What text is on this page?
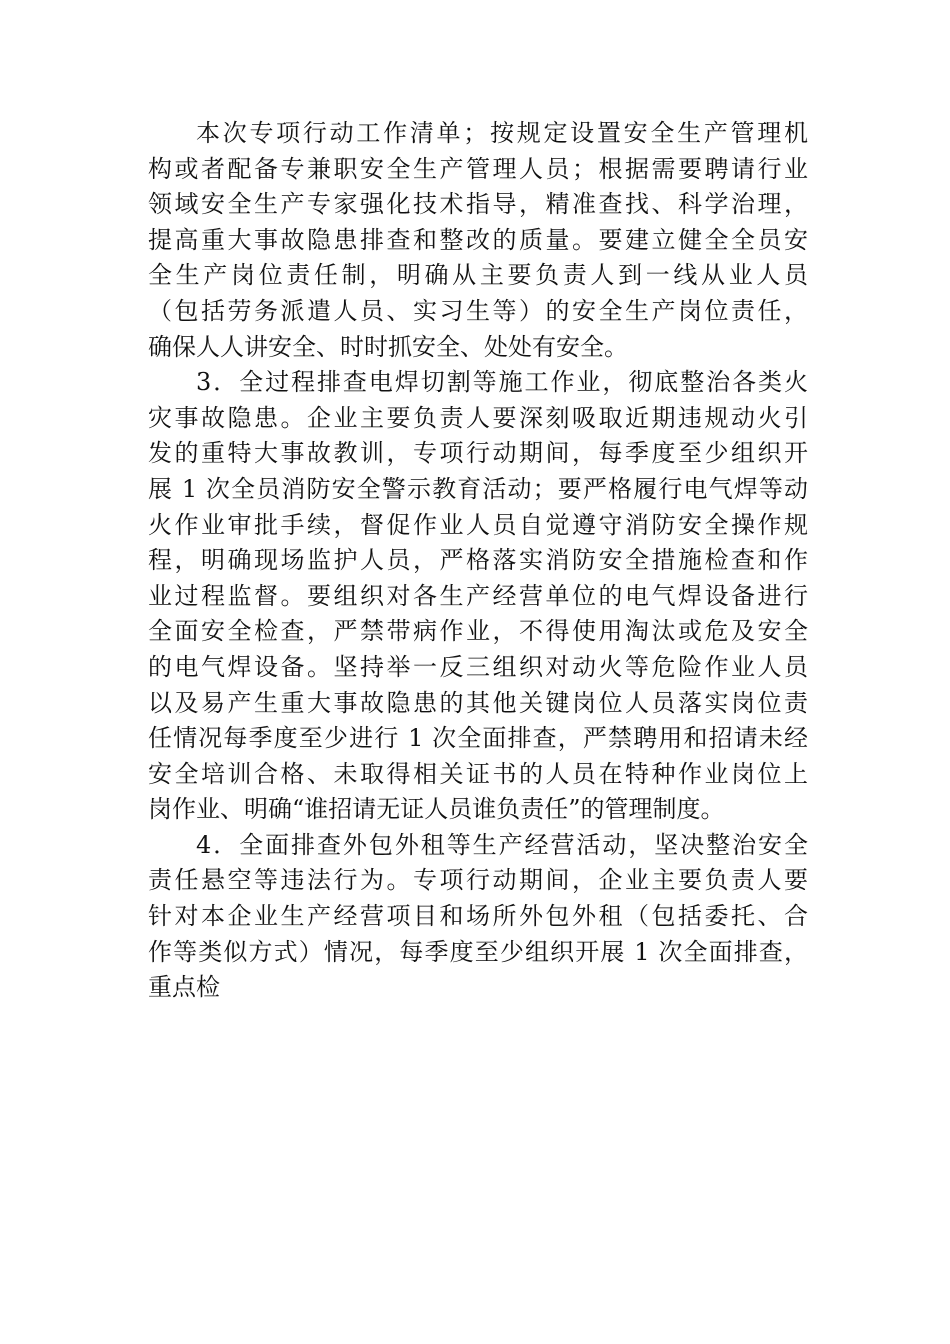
本次专项行动工作清单；按规定设置安全生产管理机
构或者配备专兼职安全生产管理人员；根据需要聘请行业
领域安全生产专家强化技术指导，精准查找、科学治理，
提高重大事故隐患排查和整改的质量。要建立健全全员安
全生产岗位责任制，明确从主要负责人到一线从业人员
（包括劳务派遣人员、实习生等）的安全生产岗位责任，
确保人人讲安全、时时抓安全、处处有安全。
3．全过程排查电焊切割等施工作业，彻底整治各类火
灾事故隐患。企业主要负责人要深刻吸取近期违规动火引
发的重特大事故教训，专项行动期间，每季度至少组织开
展 1 次全员消防安全警示教育活动；要严格履行电气焊等动
火作业审批手续，督促作业人员自觉遵守消防安全操作规
程，明确现场监护人员，严格落实消防安全措施检查和作
业过程监督。要组织对各生产经营单位的电气焊设备进行
全面安全检查，严禁带病作业，不得使用淘汰或危及安全
的电气焊设备。坚持举一反三组织对动火等危险作业人员
以及易产生重大事故隐患的其他关键岗位人员落实岗位责
任情况每季度至少进行 1 次全面排查，严禁聘用和招请未经
安全培训合格、未取得相关证书的人员在特种作业岗位上
岗作业、明确“谁招请无证人员谁负责任”的管理制度。
4．全面排查外包外租等生产经营活动，坚决整治安全
责任悬空等违法行为。专项行动期间，企业主要负责人要
针对本企业生产经营项目和场所外包外租（包括委托、合
作等类似方式）情况，每季度至少组织开展 1 次全面排查，
重点检
